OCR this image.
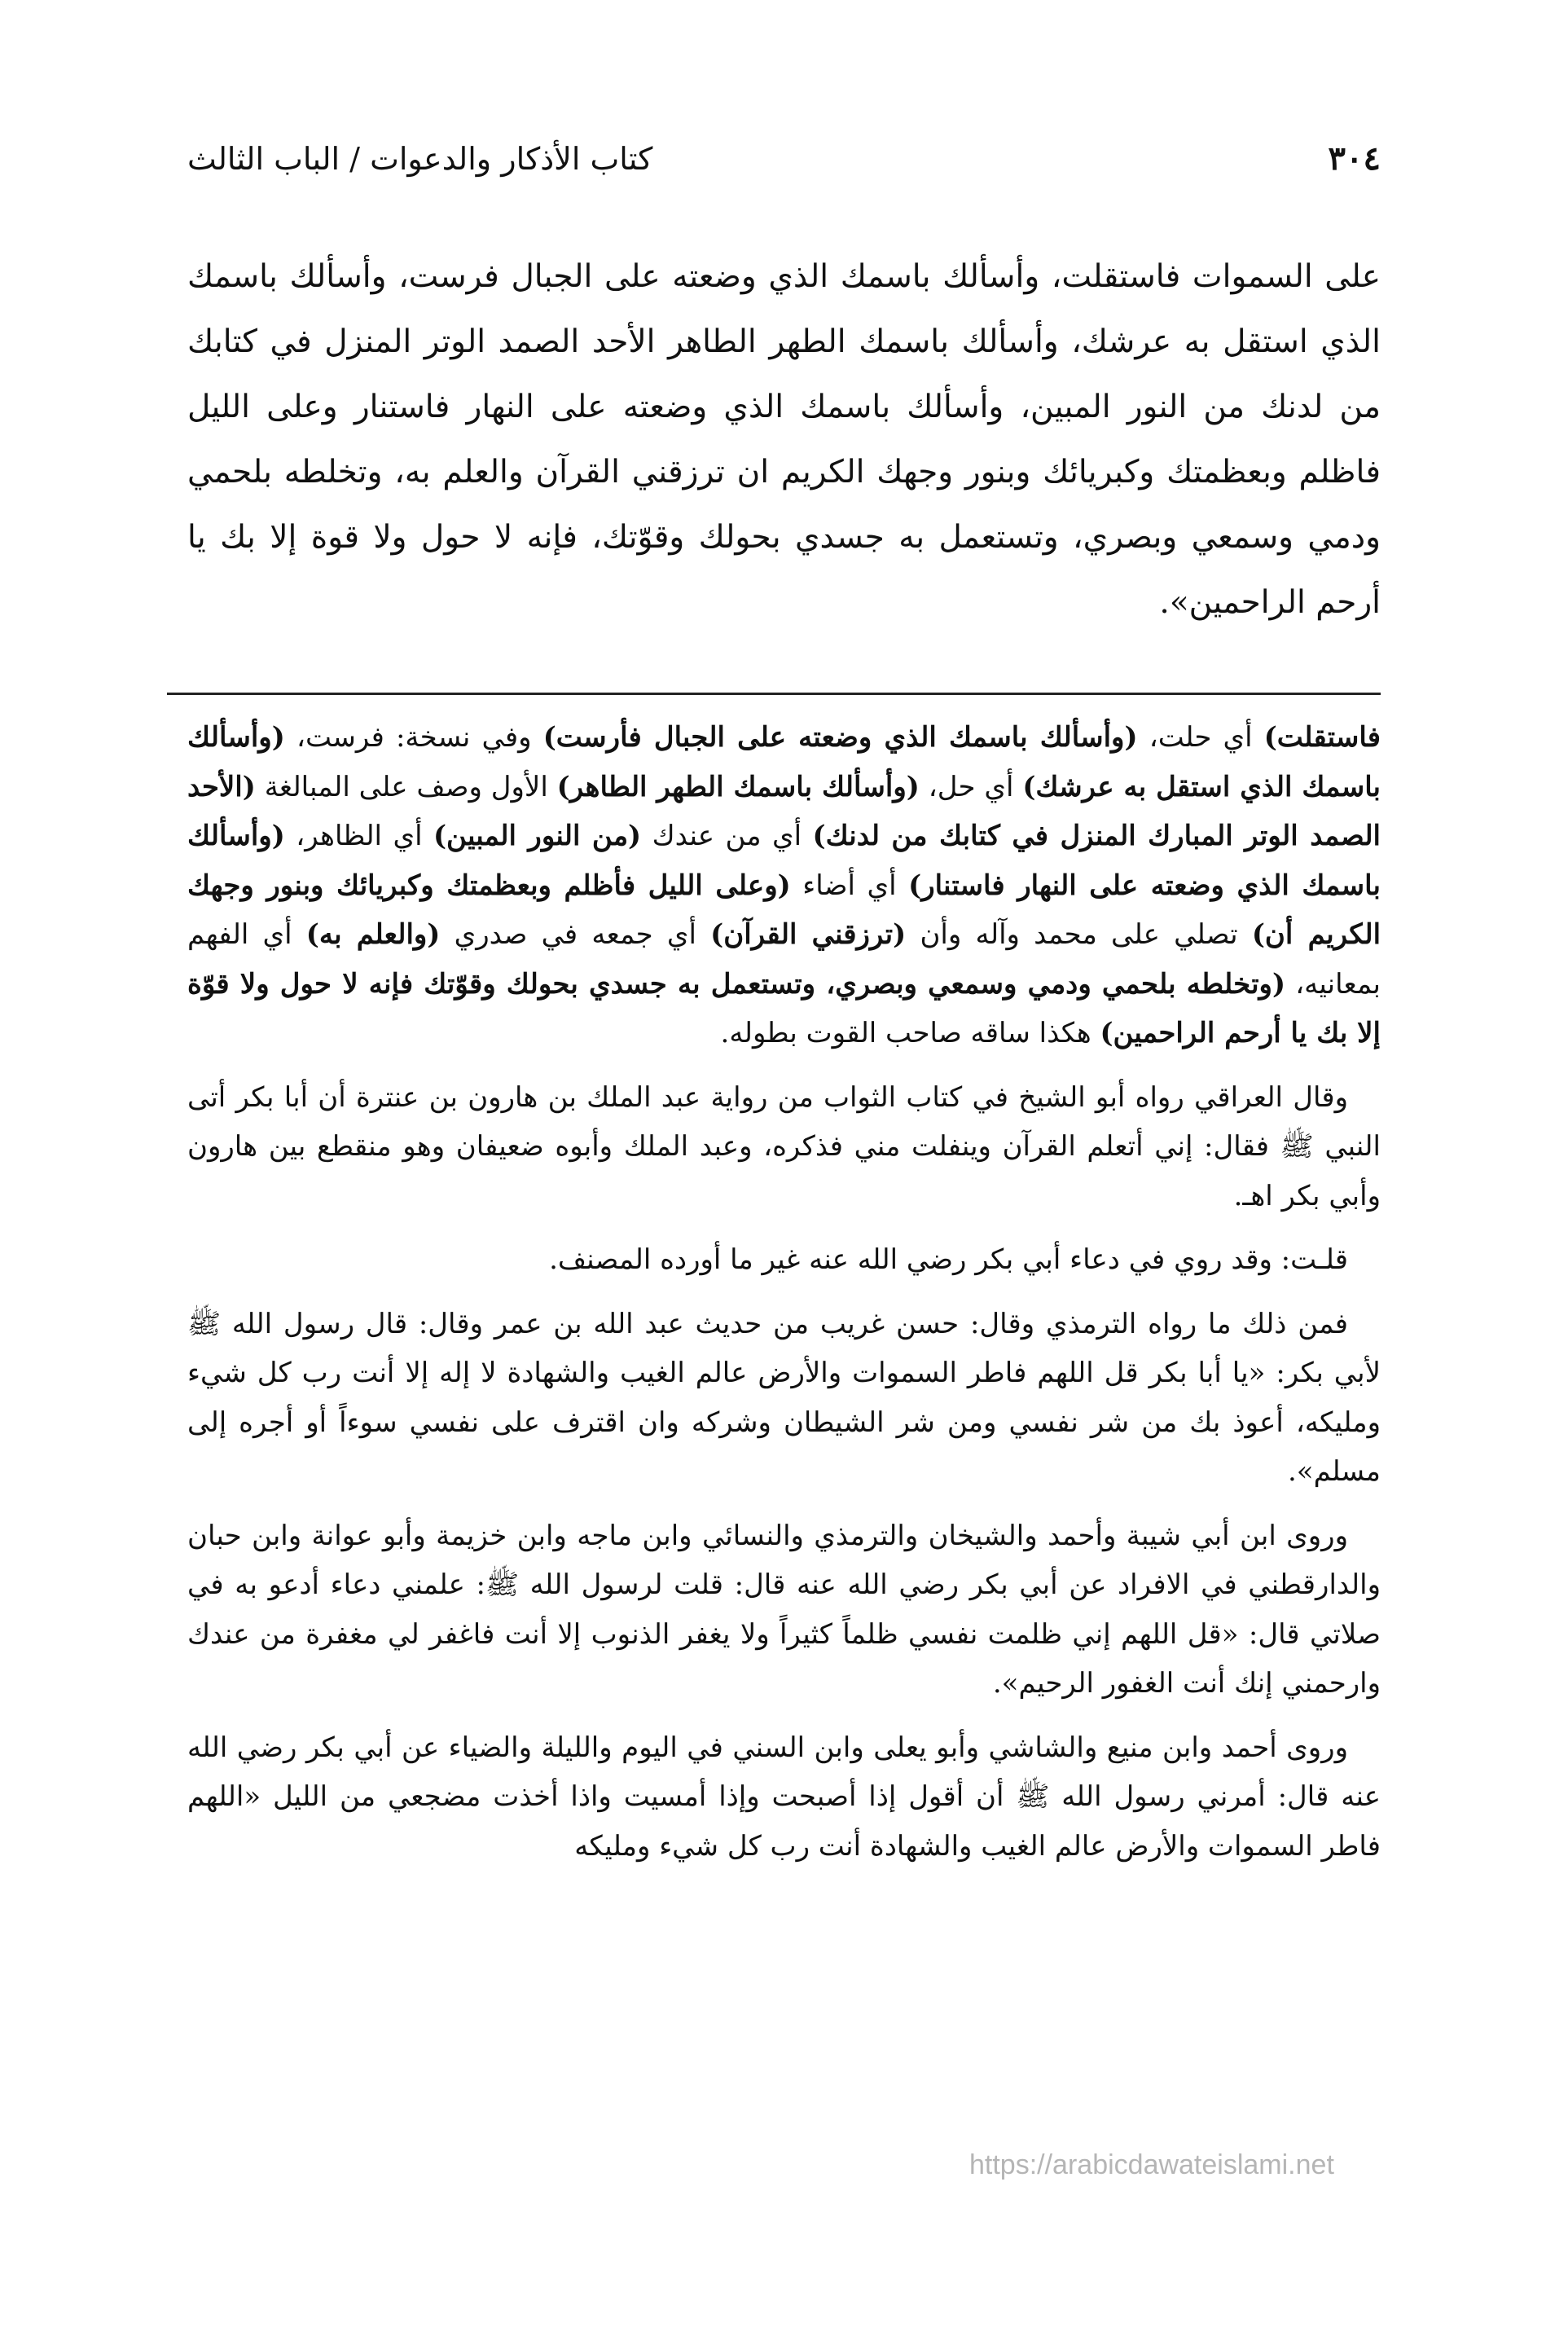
٣٠٤
كتاب الأذكار والدعوات / الباب الثالث

على السموات فاستقلت، وأسألك باسمك الذي وضعته على الجبال فرست، وأسألك باسمك الذي استقل به عرشك، وأسألك باسمك الطهر الطاهر الأحد الصمد الوتر المنزل في كتابك من لدنك من النور المبين، وأسألك باسمك الذي وضعته على النهار فاستنار وعلى الليل فاظلم وبعظمتك وكبريائك وبنور وجهك الكريم ان ترزقني القرآن والعلم به، وتخلطه بلحمي ودمي وسمعي وبصري، وتستعمل به جسدي بحولك وقوّتك، فإنه لا حول ولا قوة إلا بك يا أرحم الراحمين».

فاستقلت) أي حلت، (وأسألك باسمك الذي وضعته على الجبال فأرست) وفي نسخة: فرست، (وأسألك باسمك الذي استقل به عرشك) أي حل، (وأسألك باسمك الطهر الطاهر) الأول وصف على المبالغة (الأحد الصمد الوتر المبارك المنزل في كتابك من لدنك) أي من عندك (من النور المبين) أي الظاهر، (وأسألك باسمك الذي وضعته على النهار فاستنار) أي أضاء (وعلى الليل فأظلم وبعظمتك وكبريائك وبنور وجهك الكريم أن) تصلي على محمد وآله وأن (ترزقني القرآن) أي جمعه في صدري (والعلم به) أي الفهم بمعانيه، (وتخلطه بلحمي ودمي وسمعي وبصري، وتستعمل به جسدي بحولك وقوّتك فإنه لا حول ولا قوّة إلا بك يا أرحم الراحمين) هكذا ساقه صاحب القوت بطوله.

وقال العراقي رواه أبو الشيخ في كتاب الثواب من رواية عبد الملك بن هارون بن عنترة أن أبا بكر أتى النبي ﷺ فقال: إني أتعلم القرآن وينفلت مني فذكره، وعبد الملك وأبوه ضعيفان وهو منقطع بين هارون وأبي بكر اهـ.

قلـت: وقد روي في دعاء أبي بكر رضي الله عنه غير ما أورده المصنف.

فمن ذلك ما رواه الترمذي وقال: حسن غريب من حديث عبد الله بن عمر وقال: قال رسول الله ﷺ لأبي بكر: «يا أبا بكر قل اللهم فاطر السموات والأرض عالم الغيب والشهادة لا إله إلا أنت رب كل شيء ومليكه، أعوذ بك من شر نفسي ومن شر الشيطان وشركه وان اقترف على نفسي سوءاً أو أجره إلى مسلم».

وروى ابن أبي شيبة وأحمد والشيخان والترمذي والنسائي وابن ماجه وابن خزيمة وأبو عوانة وابن حبان والدارقطني في الافراد عن أبي بكر رضي الله عنه قال: قلت لرسول الله ﷺ: علمني دعاء أدعو به في صلاتي قال: «قل اللهم إني ظلمت نفسي ظلماً كثيراً ولا يغفر الذنوب إلا أنت فاغفر لي مغفرة من عندك وارحمني إنك أنت الغفور الرحيم».

وروى أحمد وابن منيع والشاشي وأبو يعلى وابن السني في اليوم والليلة والضياء عن أبي بكر رضي الله عنه قال: أمرني رسول الله ﷺ أن أقول إذا أصبحت وإذا أمسيت واذا أخذت مضجعي من الليل «اللهم فاطر السموات والأرض عالم الغيب والشهادة أنت رب كل شيء ومليكه

https://arabicdawateislami.net
